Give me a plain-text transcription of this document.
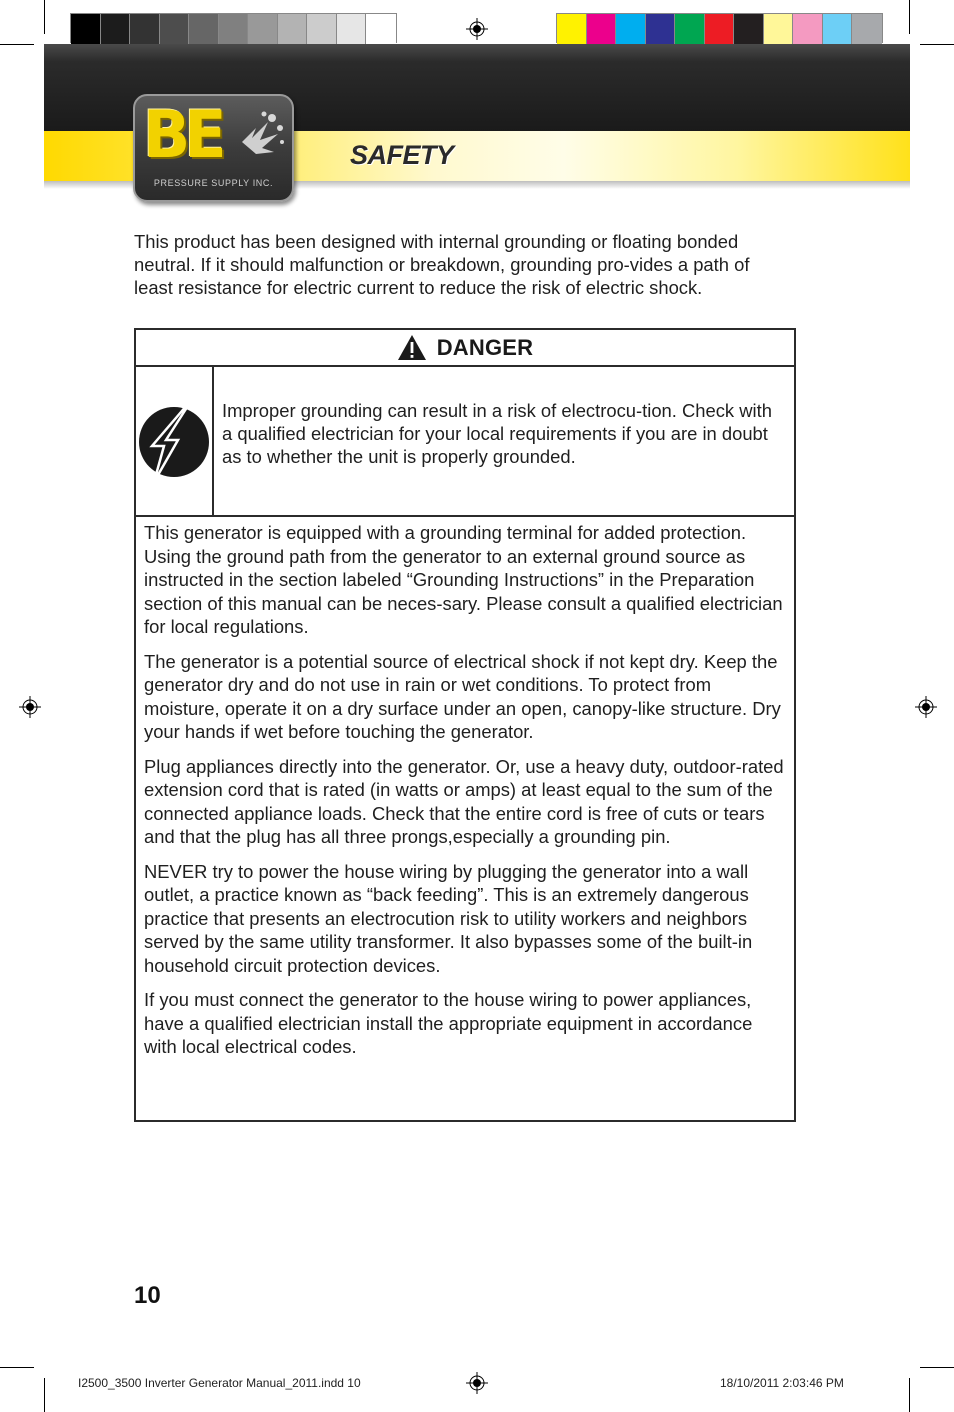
SAFETY
BE
PRESSURE SUPPLY INC.

This product has been designed with internal grounding or floating bonded neutral. If it should malfunction or breakdown, grounding pro-vides a path of least resistance for electric current to reduce the risk of electric shock.

DANGER
Improper grounding can result in a risk of electrocu-tion. Check with a qualified electrician for your local requirements if you are in doubt as to whether the unit is properly grounded.

This generator is equipped with a grounding terminal for added protection. Using the ground path from the generator to an external ground source as instructed in the section labeled “Grounding Instructions” in the Preparation section of this manual can be neces-sary. Please consult a qualified electrician for local regulations.

The generator is a potential source of electrical shock if not kept dry. Keep the generator dry and do not use in rain or wet conditions. To protect from moisture, operate it on a dry surface under an open, canopy-like structure. Dry your hands if wet before touching the generator.

Plug appliances directly into the generator. Or, use a heavy duty, outdoor-rated extension cord that is rated (in watts or amps) at least equal to the sum of the connected appliance loads. Check that the entire cord is free of cuts or tears and that the plug has all three prongs,especially a grounding pin.

NEVER try to power the house wiring by plugging the generator into a wall outlet, a practice known as “back feeding”. This is an extremely dangerous practice that presents an electrocution risk to utility workers and neighbors served by the same utility transformer. It also bypasses some of the built-in household circuit protection devices.

If you must connect the generator to the house wiring to power appliances, have a qualified electrician install the appropriate equipment in accordance with local electrical codes.

10
I2500_3500 Inverter Generator Manual_2011.indd 10	18/10/2011 2:03:46 PM
